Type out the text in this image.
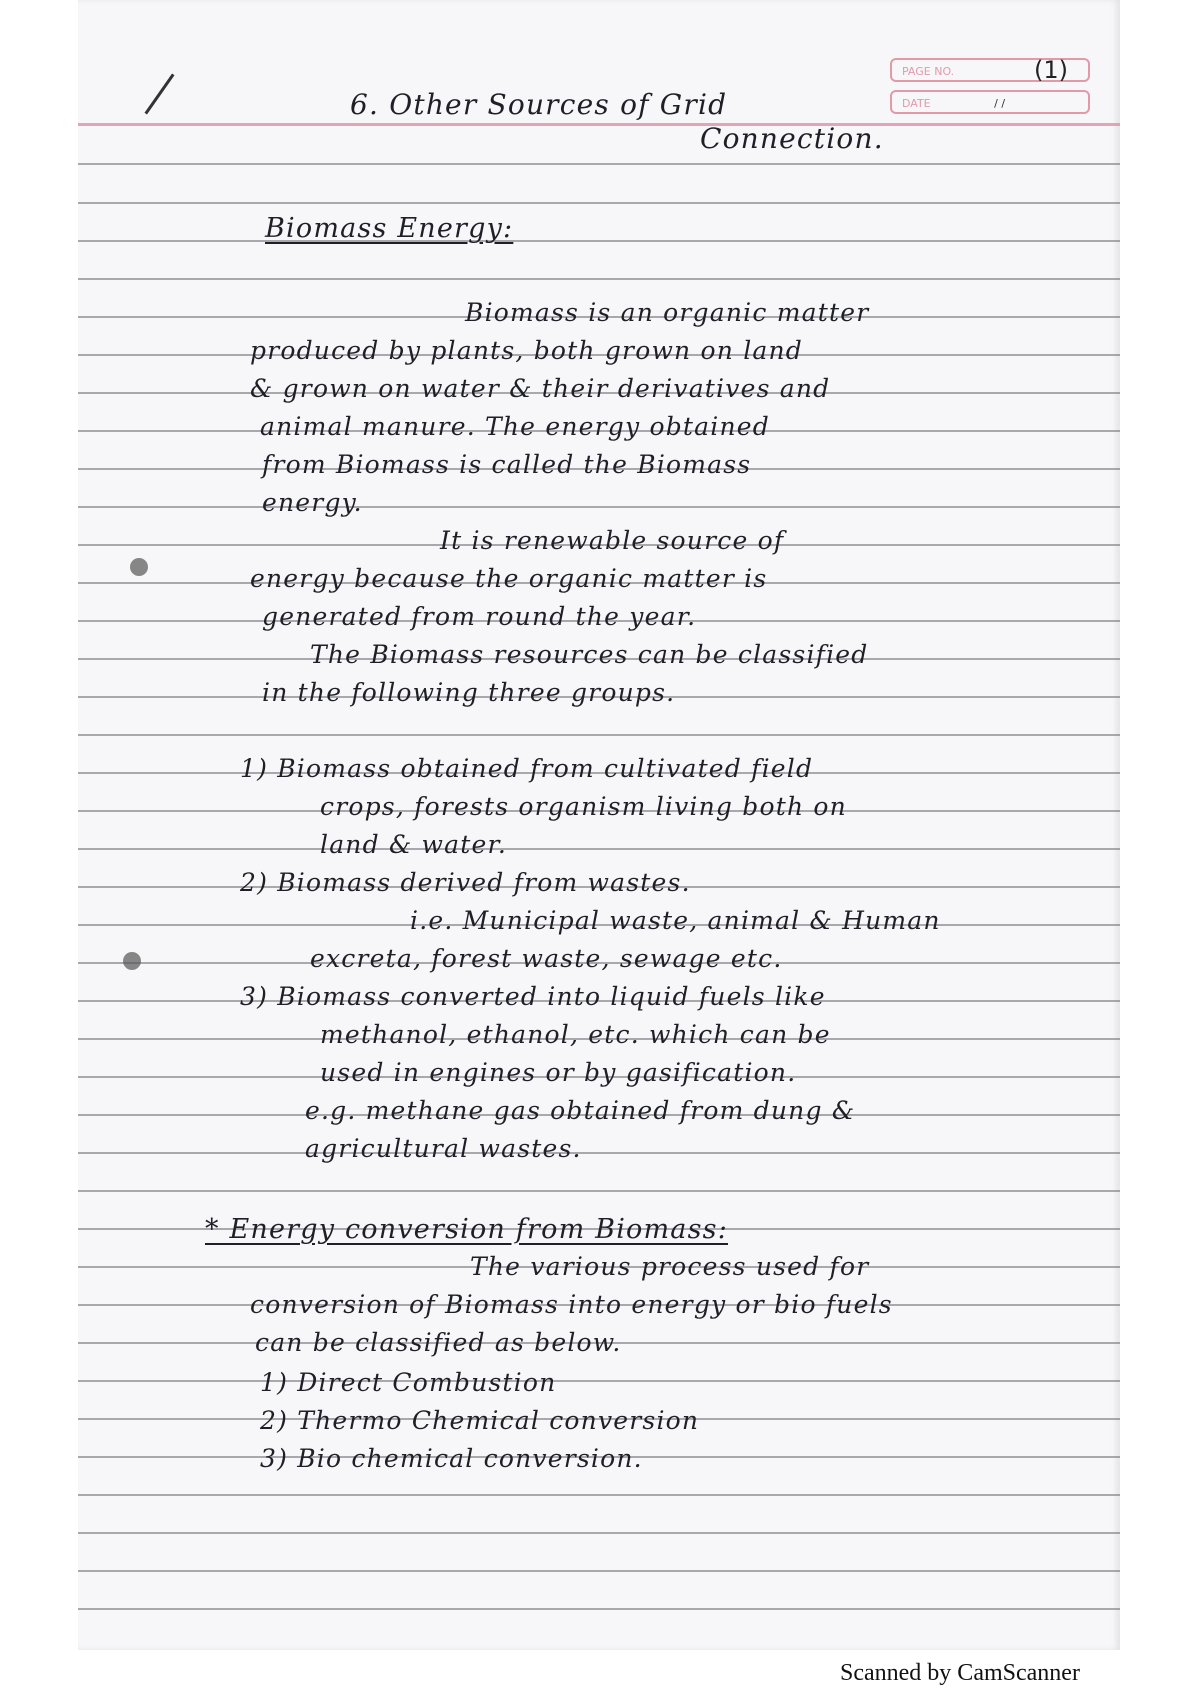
PAGE NO.
DATE	/ /
(1)
6. Other Sources of Grid
Connection.
Biomass Energy:
Biomass is an organic matter
produced by plants, both grown on land
& grown on water & their derivatives and
animal manure. The energy obtained
from Biomass is called the Biomass
energy.
It is renewable source of
energy because the organic matter is
generated from round the year.
The Biomass resources can be classified
in the following three groups.
1) Biomass obtained from cultivated field
crops, forests organism living both on
land & water.
2) Biomass derived from wastes.
i.e. Municipal waste, animal & Human
excreta, forest waste, sewage etc.
3) Biomass converted into liquid fuels like
methanol, ethanol, etc. which can be
used in engines or by gasification.
e.g. methane gas obtained from dung &
agricultural wastes.
* Energy conversion from Biomass:
The various process used for
conversion of Biomass into energy or bio fuels
can be classified as below.
1) Direct Combustion
2) Thermo Chemical conversion
3) Bio chemical conversion.
Scanned by CamScanner
